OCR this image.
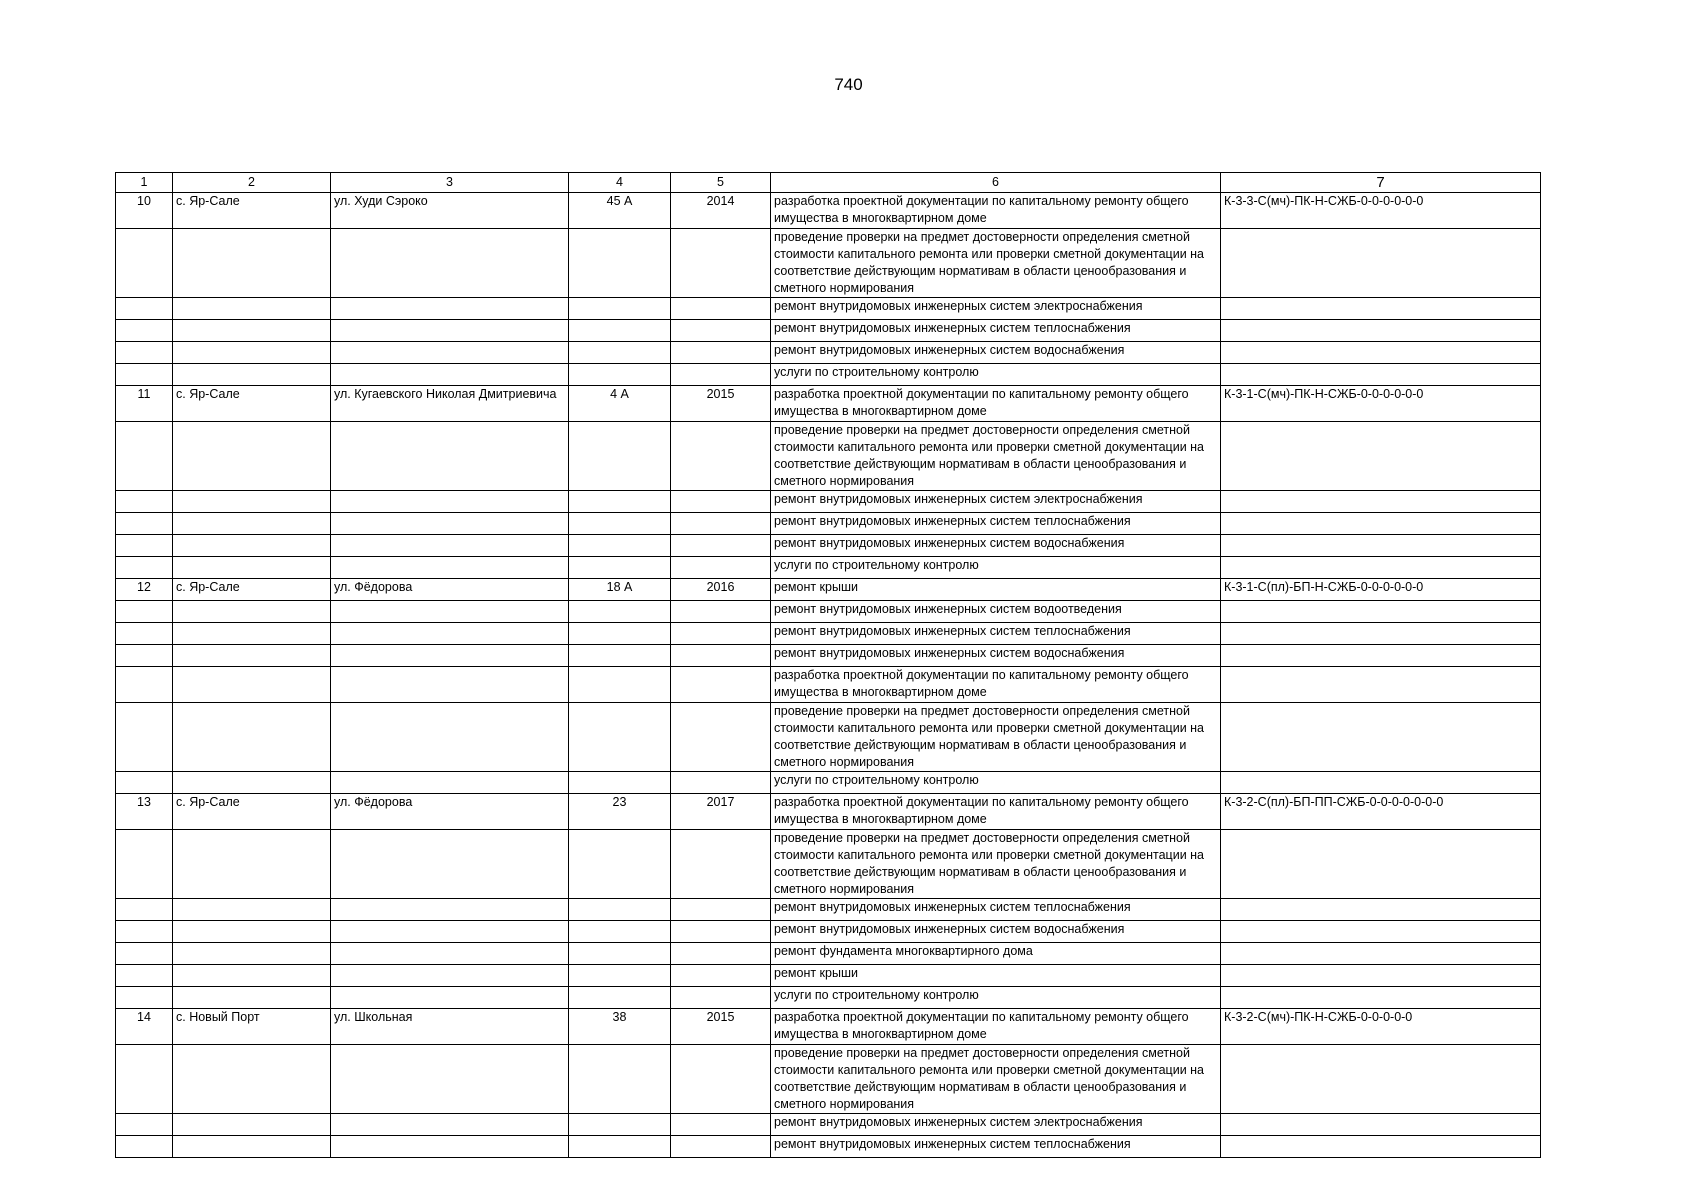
740
1	2	3	4	5	6	7
10	с. Яр-Сале	ул. Худи Сэроко	45 А	2014	разработка проектной документации по капитальному ремонту общего имущества в многоквартирном доме	К-3-3-С(мч)-ПК-Н-СЖБ-0-0-0-0-0-0
					проведение проверки на предмет достоверности определения сметной стоимости капитального ремонта или проверки сметной документации на соответствие действующим нормативам в области ценообразования и сметного нормирования	
					ремонт внутридомовых инженерных систем электроснабжения	
					ремонт внутридомовых инженерных систем теплоснабжения	
					ремонт внутридомовых инженерных систем водоснабжения	
					услуги по строительному контролю	
11	с. Яр-Сале	ул. Кугаевского Николая Дмитриевича	4 А	2015	разработка проектной документации по капитальному ремонту общего имущества в многоквартирном доме	К-3-1-С(мч)-ПК-Н-СЖБ-0-0-0-0-0-0
					проведение проверки на предмет достоверности определения сметной стоимости капитального ремонта или проверки сметной документации на соответствие действующим нормативам в области ценообразования и сметного нормирования	
					ремонт внутридомовых инженерных систем электроснабжения	
					ремонт внутридомовых инженерных систем теплоснабжения	
					ремонт внутридомовых инженерных систем водоснабжения	
					услуги по строительному контролю	
12	с. Яр-Сале	ул. Фёдорова	18 А	2016	ремонт крыши	К-3-1-С(пл)-БП-Н-СЖБ-0-0-0-0-0-0
					ремонт внутридомовых инженерных систем водоотведения	
					ремонт внутридомовых инженерных систем теплоснабжения	
					ремонт внутридомовых инженерных систем водоснабжения	
					разработка проектной документации по капитальному ремонту общего имущества в многоквартирном доме	
					проведение проверки на предмет достоверности определения сметной стоимости капитального ремонта или проверки сметной документации на соответствие действующим нормативам в области ценообразования и сметного нормирования	
					услуги по строительному контролю	
13	с. Яр-Сале	ул. Фёдорова	23	2017	разработка проектной документации по капитальному ремонту общего имущества в многоквартирном доме	К-3-2-С(пл)-БП-ПП-СЖБ-0-0-0-0-0-0-0
					проведение проверки на предмет достоверности определения сметной стоимости капитального ремонта или проверки сметной документации на соответствие действующим нормативам в области ценообразования и сметного нормирования	
					ремонт внутридомовых инженерных систем теплоснабжения	
					ремонт внутридомовых инженерных систем водоснабжения	
					ремонт фундамента многоквартирного дома	
					ремонт крыши	
					услуги по строительному контролю	
14	с. Новый Порт	ул. Школьная	38	2015	разработка проектной документации по капитальному ремонту общего имущества в многоквартирном доме	К-3-2-С(мч)-ПК-Н-СЖБ-0-0-0-0-0
					проведение проверки на предмет достоверности определения сметной стоимости капитального ремонта или проверки сметной документации на соответствие действующим нормативам в области ценообразования и сметного нормирования	
					ремонт внутридомовых инженерных систем электроснабжения	
					ремонт внутридомовых инженерных систем теплоснабжения	
